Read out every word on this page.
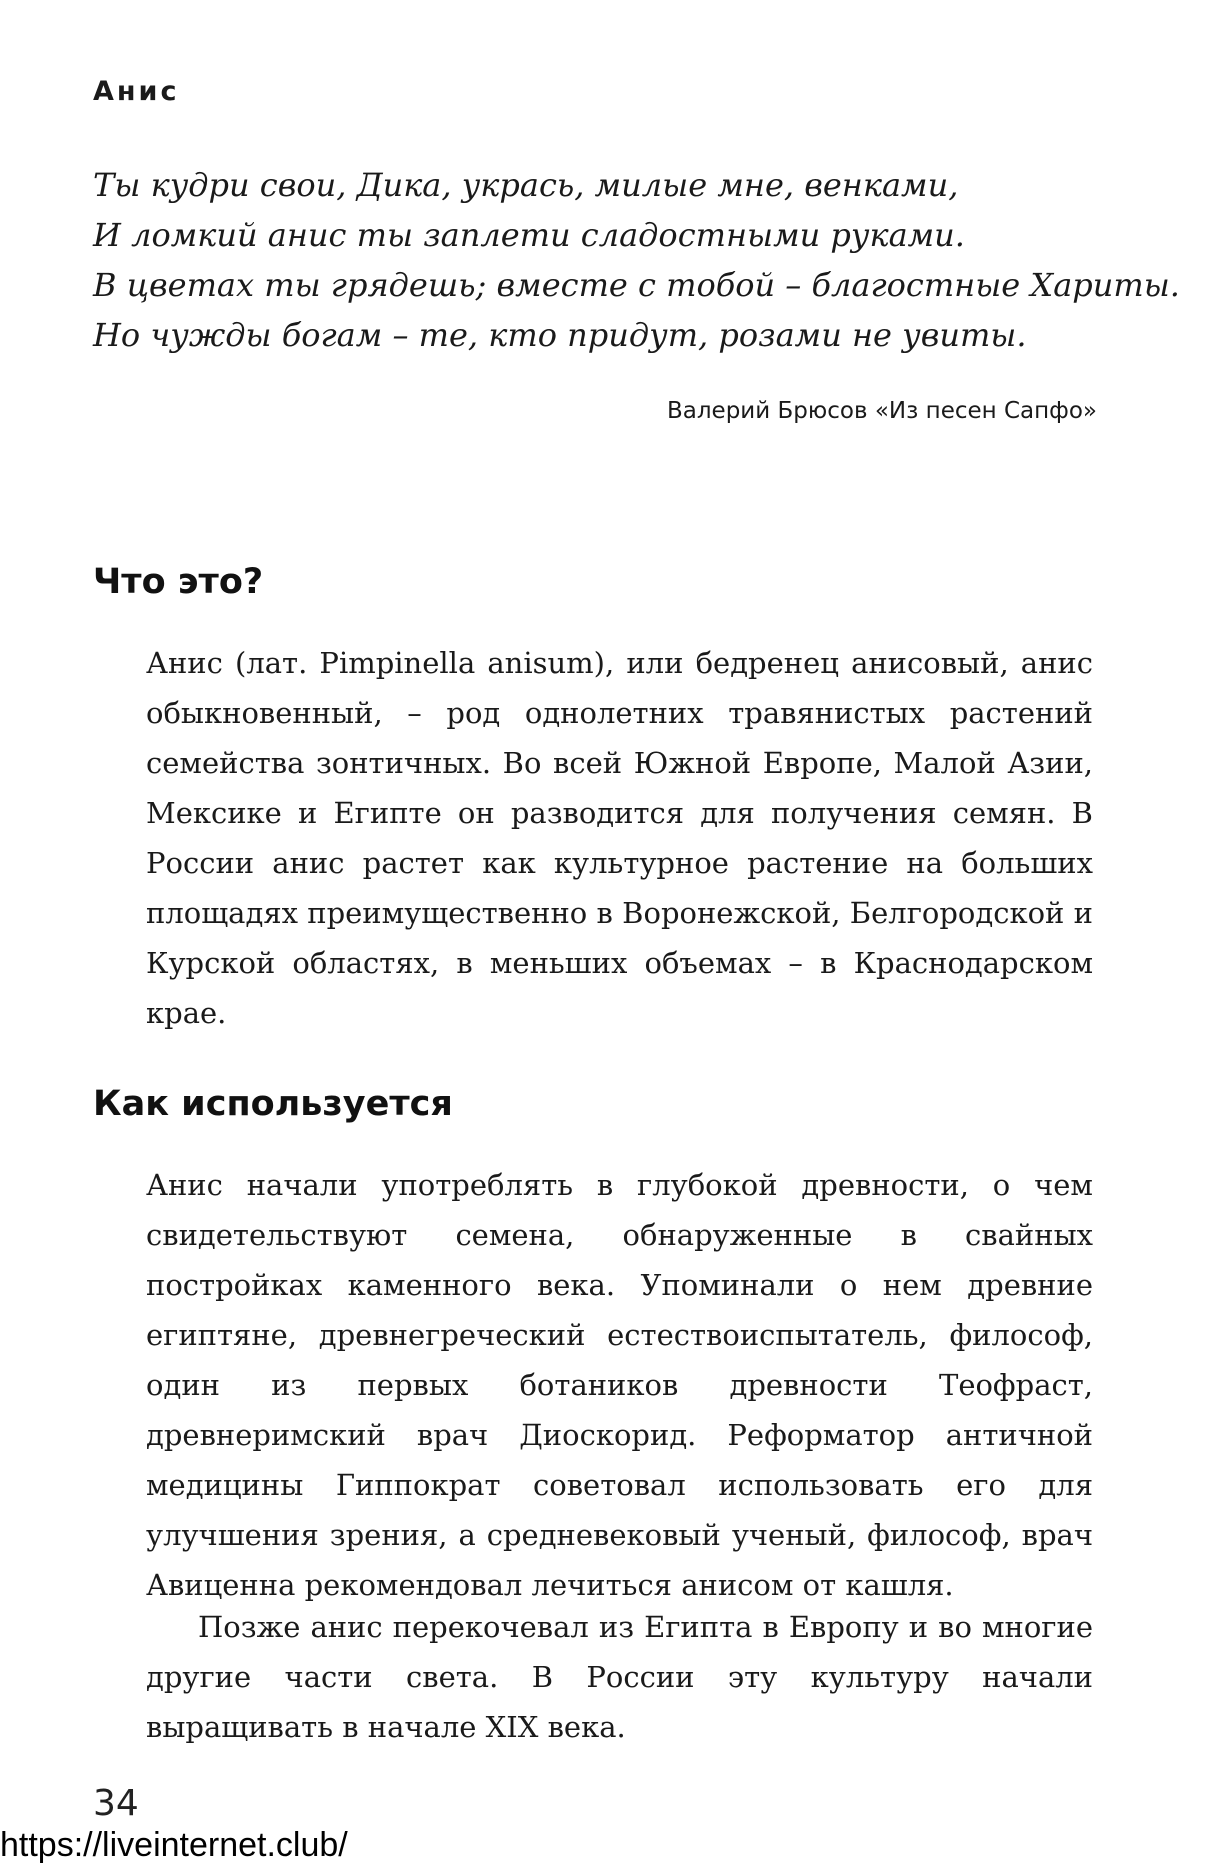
Анис
Ты кудри свои, Дика, укрась, милые мне, венками,
И ломкий анис ты заплети сладостными руками.
В цветах ты грядешь; вместе с тобой – благостные Хариты.
Но чужды богам – те, кто придут, розами не увиты.

Валерий Брюсов «Из песен Сапфо»

Что это?

Анис (лат. Pimpinella anisum), или бедренец анисовый, анис обыкновенный, – род однолетних травянистых растений семейства зонтичных. Во всей Южной Европе, Малой Азии, Мексике и Египте он разводится для получения семян. В России анис растет как культурное растение на больших площадях преимущественно в Воронежской, Белгородской и Курской областях, в меньших объемах – в Краснодарском крае.

Как используется

Анис начали употреблять в глубокой древности, о чем свидетельствуют семена, обнаруженные в свайных постройках каменного века. Упоминали о нем древние египтяне, древнегреческий естествоиспытатель, философ, один из первых ботаников древности Теофраст, древнеримский врач Диоскорид. Реформатор античной медицины Гиппократ советовал использовать его для улучшения зрения, а средневековый ученый, философ, врач Авиценна рекомендовал лечиться анисом от кашля.

Позже анис перекочевал из Египта в Европу и во многие другие части света. В России эту культуру начали выращивать в начале XIX века.

34

https://liveinternet.club/
